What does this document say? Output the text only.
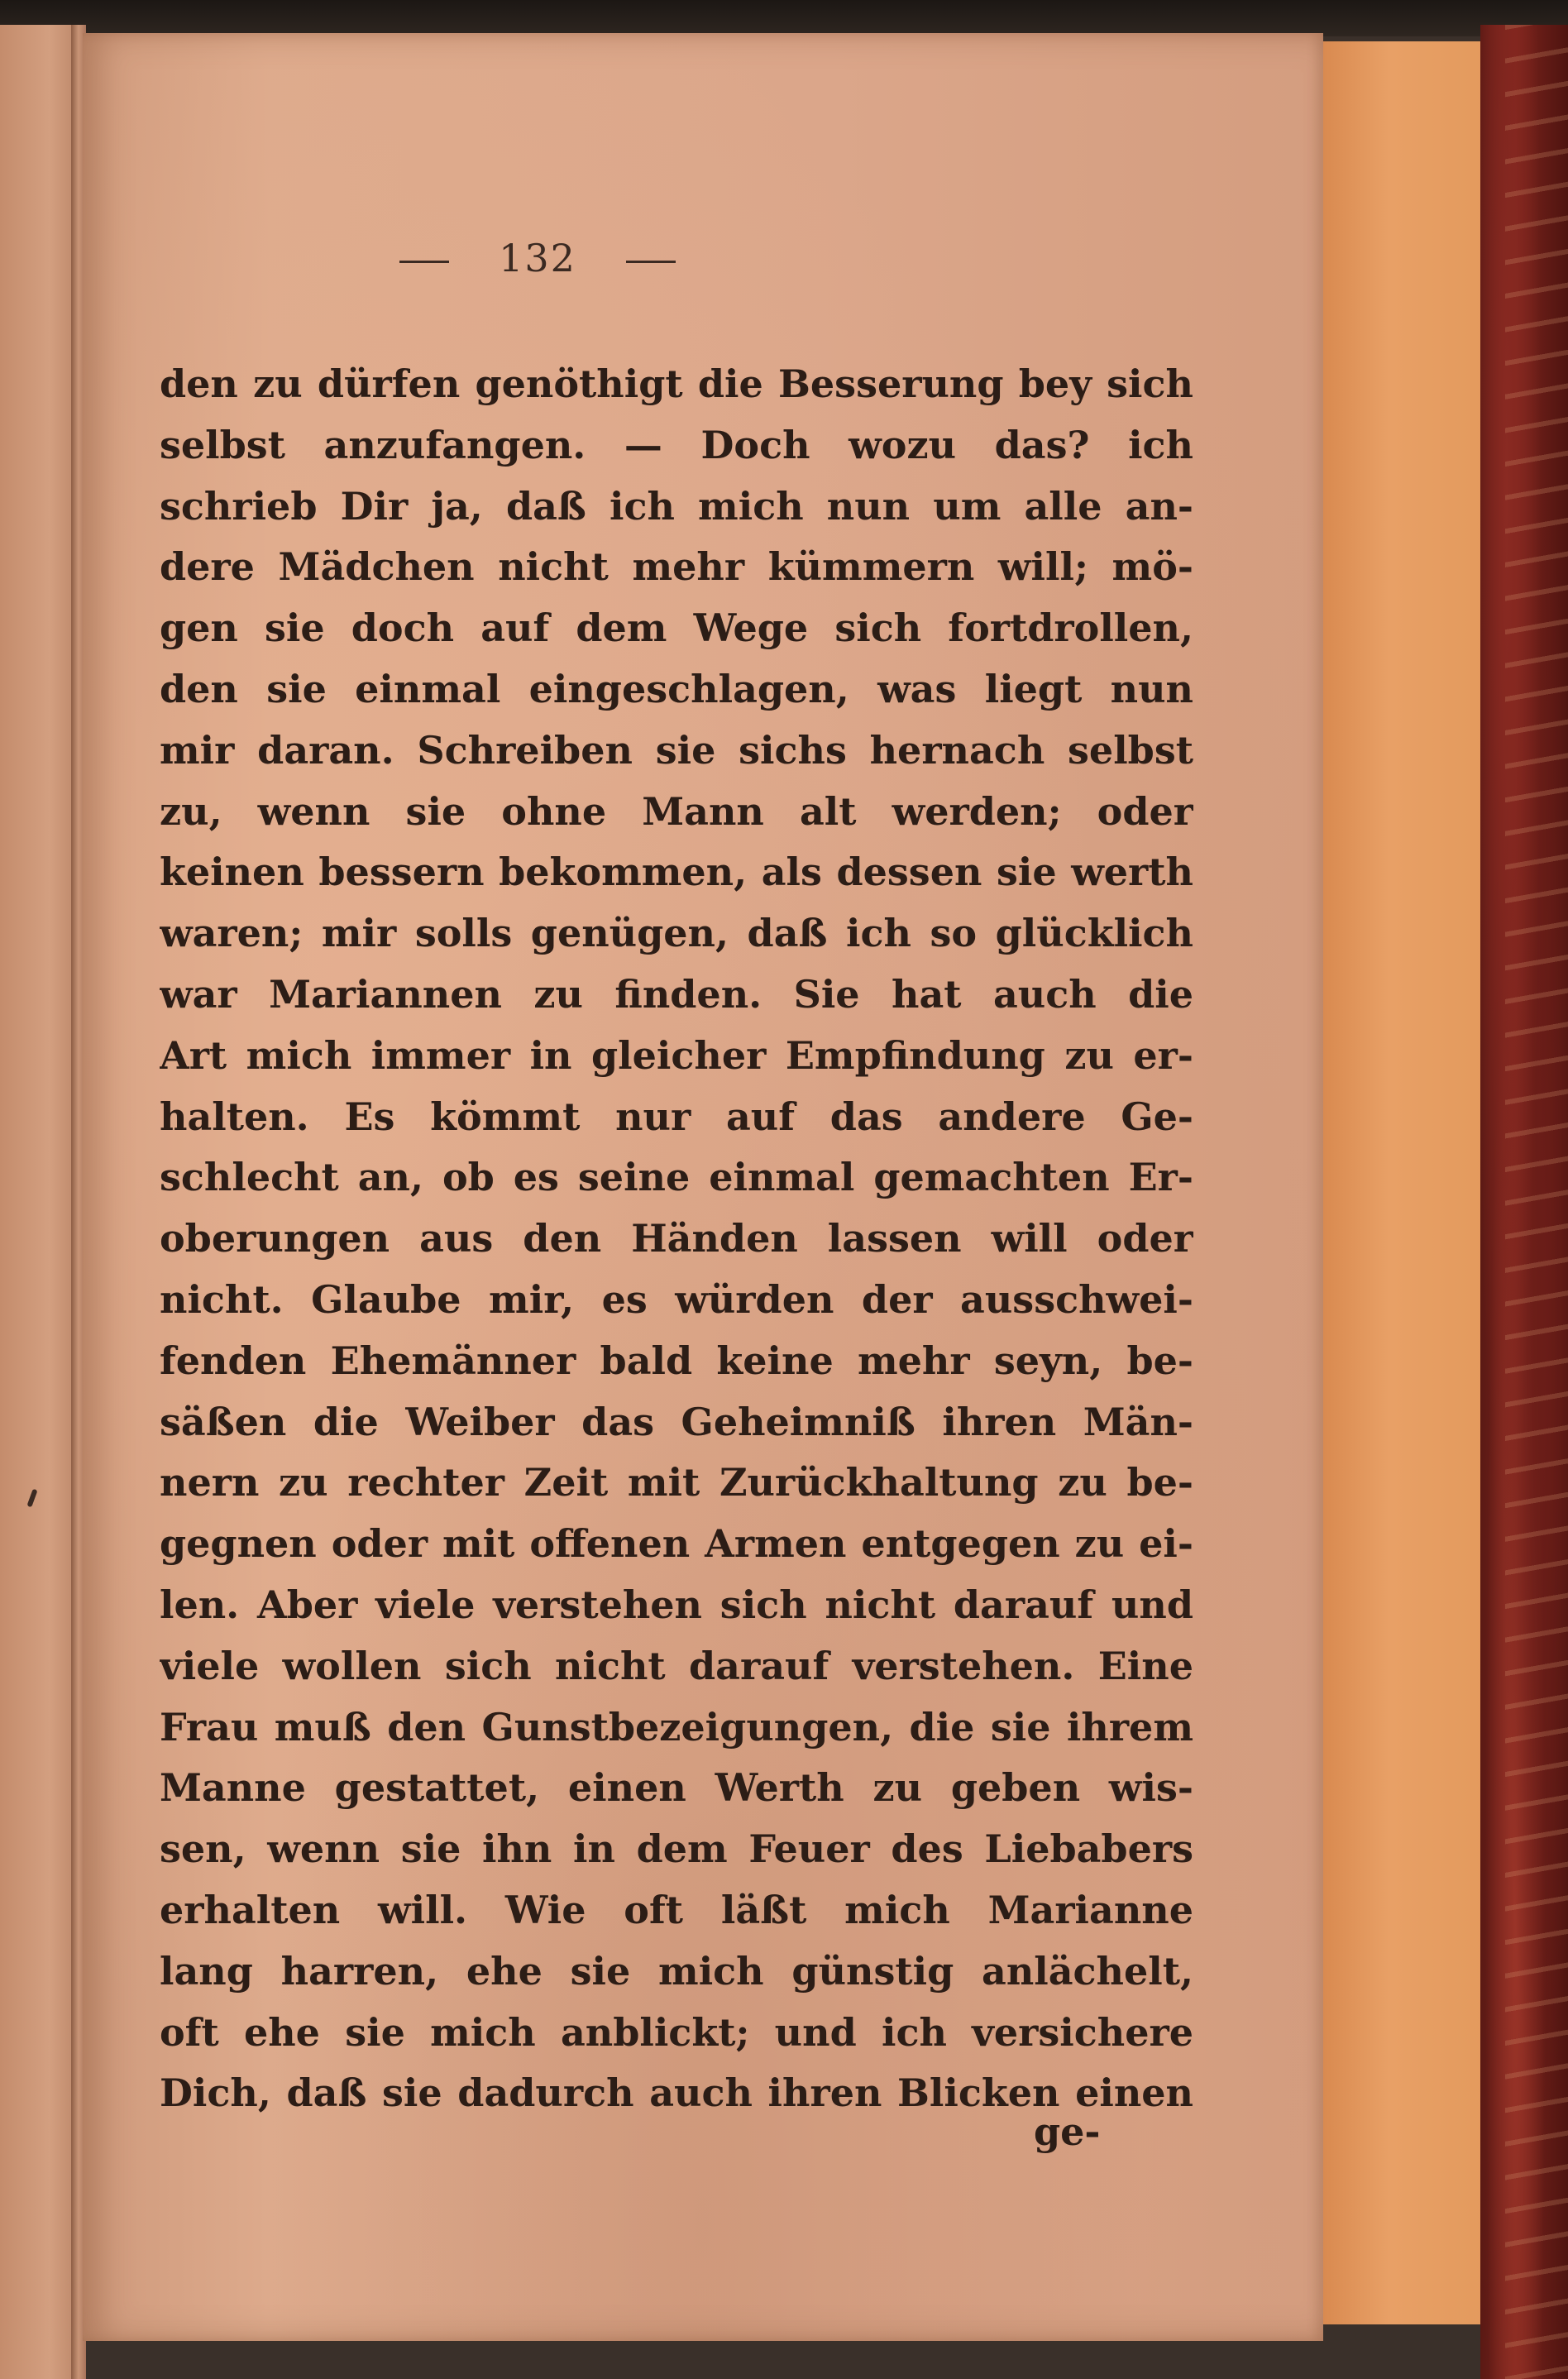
132
den zu dürfen genöthigt die Besserung bey sich
selbst anzufangen. — Doch wozu das? ich
schrieb Dir ja, daß ich mich nun um alle an-
dere Mädchen nicht mehr kümmern will; mö-
gen sie doch auf dem Wege sich fortdrollen,
den sie einmal eingeschlagen, was liegt nun
mir daran. Schreiben sie sichs hernach selbst
zu, wenn sie ohne Mann alt werden; oder
keinen bessern bekommen, als dessen sie werth
waren; mir solls genügen, daß ich so glücklich
war Mariannen zu finden. Sie hat auch die
Art mich immer in gleicher Empfindung zu er-
halten. Es kömmt nur auf das andere Ge-
schlecht an, ob es seine einmal gemachten Er-
oberungen aus den Händen lassen will oder
nicht. Glaube mir, es würden der ausschwei-
fenden Ehemänner bald keine mehr seyn, be-
säßen die Weiber das Geheimniß ihren Män-
nern zu rechter Zeit mit Zurückhaltung zu be-
gegnen oder mit offenen Armen entgegen zu ei-
len. Aber viele verstehen sich nicht darauf und
viele wollen sich nicht darauf verstehen. Eine
Frau muß den Gunstbezeigungen, die sie ihrem
Manne gestattet, einen Werth zu geben wis-
sen, wenn sie ihn in dem Feuer des Liebabers
erhalten will. Wie oft läßt mich Marianne
lang harren, ehe sie mich günstig anlächelt,
oft ehe sie mich anblickt; und ich versichere
Dich, daß sie dadurch auch ihren Blicken einen
ge-
